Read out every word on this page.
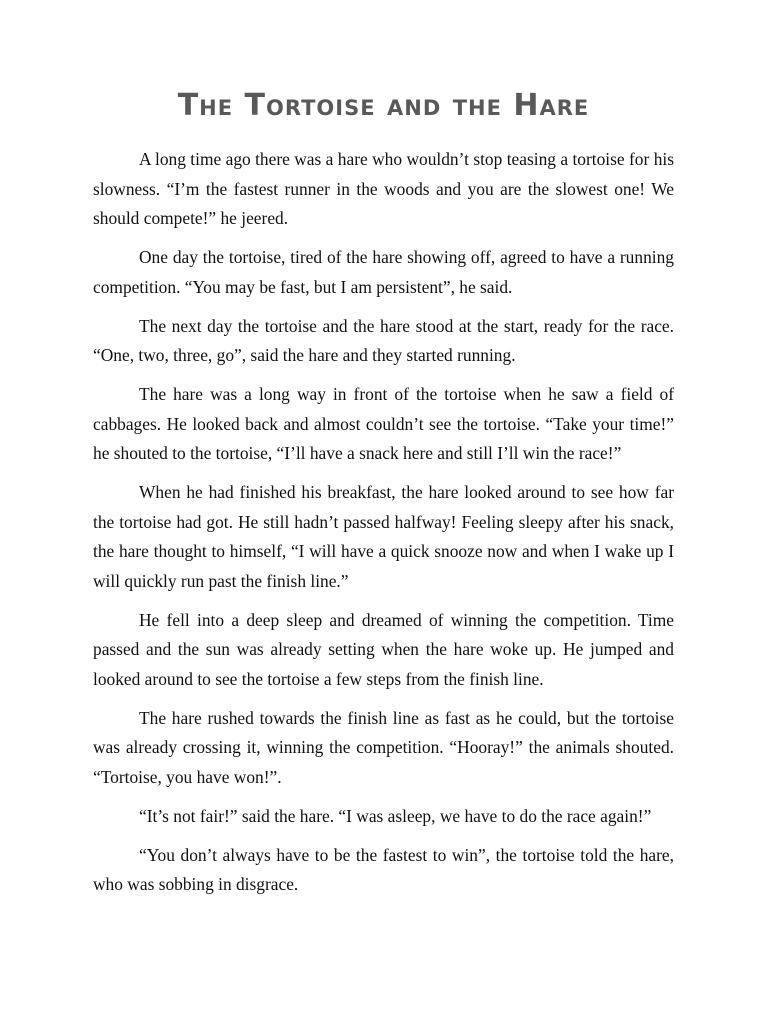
The Tortoise and the Hare

A long time ago there was a hare who wouldn’t stop teasing a tortoise for his slowness. “I’m the fastest runner in the woods and you are the slowest one! We should compete!” he jeered.

One day the tortoise, tired of the hare showing off, agreed to have a running competition. “You may be fast, but I am persistent”, he said.

The next day the tortoise and the hare stood at the start, ready for the race. “One, two, three, go”, said the hare and they started running.

The hare was a long way in front of the tortoise when he saw a field of cabbages. He looked back and almost couldn’t see the tortoise. “Take your time!” he shouted to the tortoise, “I’ll have a snack here and still I’ll win the race!”

When he had finished his breakfast, the hare looked around to see how far the tortoise had got. He still hadn’t passed halfway! Feeling sleepy after his snack, the hare thought to himself, “I will have a quick snooze now and when I wake up I will quickly run past the finish line.”

He fell into a deep sleep and dreamed of winning the competition. Time passed and the sun was already setting when the hare woke up. He jumped and looked around to see the tortoise a few steps from the finish line.

The hare rushed towards the finish line as fast as he could, but the tortoise was already crossing it, winning the competition. “Hooray!” the animals shouted. “Tortoise, you have won!”.

“It’s not fair!” said the hare. “I was asleep, we have to do the race again!”

“You don’t always have to be the fastest to win”, the tortoise told the hare, who was sobbing in disgrace.
